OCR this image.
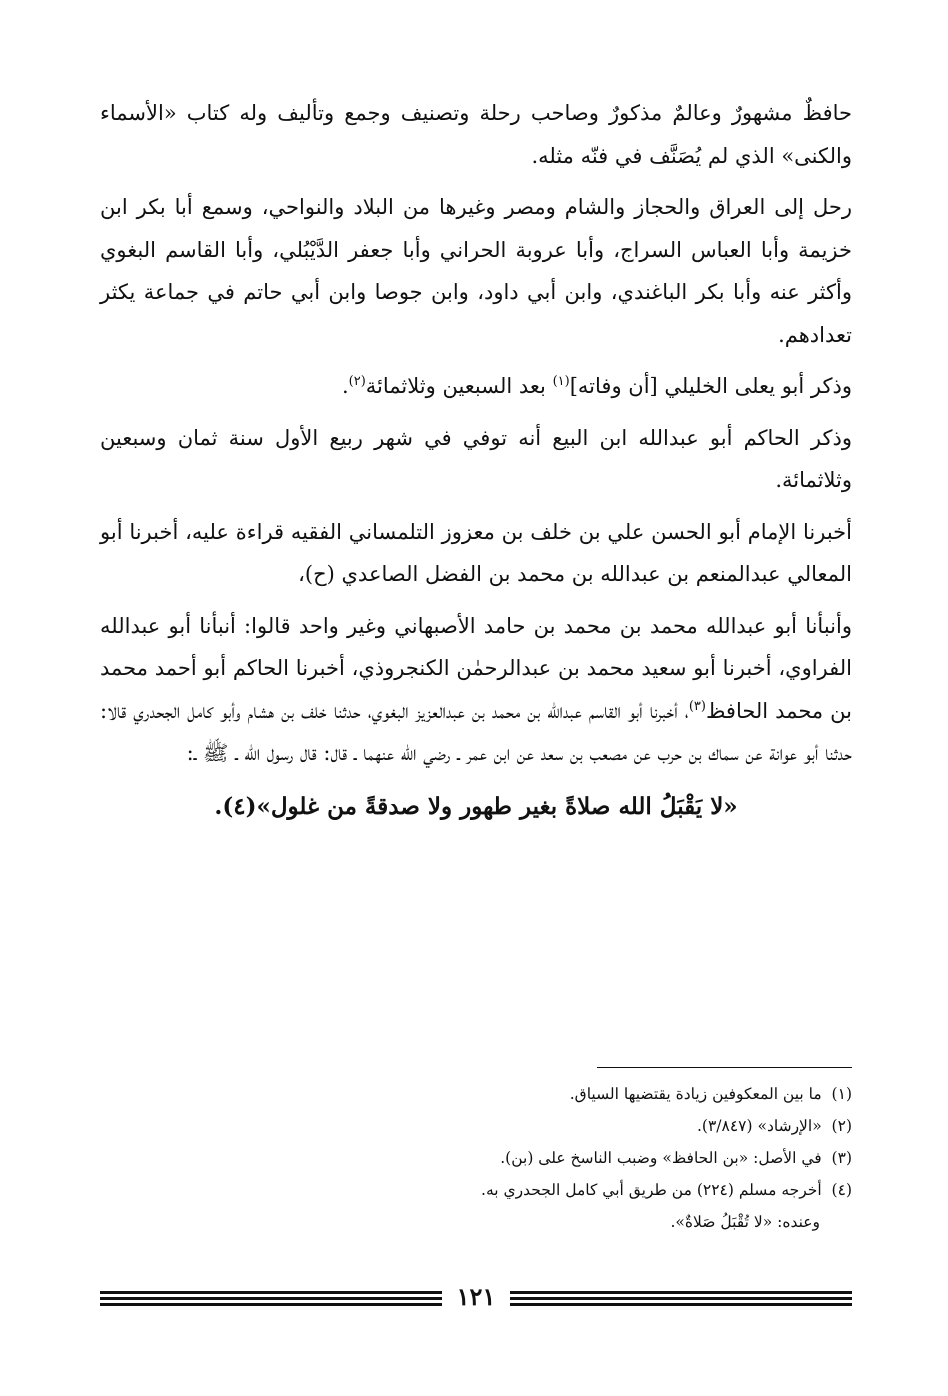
حافظٌ مشهورٌ وعالمٌ مذكورٌ وصاحب رحلة وتصنيف وجمع وتأليف وله كتاب «الأسماء والكنى» الذي لم يُصَنَّف في فنّه مثله.

رحل إلى العراق والحجاز والشام ومصر وغيرها من البلاد والنواحي، وسمع أبا بكر ابن خزيمة وأبا العباس السراج، وأبا عروبة الحراني وأبا جعفر الدَّيْبُلي، وأبا القاسم البغوي وأكثر عنه وأبا بكر الباغندي، وابن أبي داود، وابن جوصا وابن أبي حاتم في جماعة يكثر تعدادهم.

وذكر أبو يعلى الخليلي [أن وفاته]$^{(١)}$ بعد السبعين وثلاثمائة$^{(٢)}$.

وذكر الحاكم أبو عبدالله ابن البيع أنه توفي في شهر ربيع الأول سنة ثمان وسبعين وثلاثمائة.

أخبرنا الإمام أبو الحسن علي بن خلف بن معزوز التلمساني الفقيه قراءة عليه، أخبرنا أبو المعالي عبدالمنعم بن عبدالله بن محمد بن الفضل الصاعدي (ح)،

وأنبأنا أبو عبدالله محمد بن محمد بن حامد الأصبهاني وغير واحد قالوا: أنبأنا أبو عبدالله الفراوي، أخبرنا أبو سعيد محمد بن عبدالرحمٰن الكنجروذي، أخبرنا الحاكم أبو أحمد محمد بن محمد الحافظ$^{(٣)}$، أخبرنا أبو القاسم عبدالله بن محمد بن عبدالعزيز البغوي، حدثنا خلف بن هشام وأبو كامل الجحدري قالا: حدثنا أبو عوانة عن سماك بن حرب عن مصعب بن سعد عن ابن عمر ـ رضي الله عنهما ـ قال: قال رسول الله ـ ﷺ ـ:

«لا يَقْبَلُ الله صلاةً بغير طهور ولا صدقةً من غلول»(٤).

(١)  ما بين المعكوفين زيادة يقتضيها السياق.
(٢)  «الإرشاد» (٣/٨٤٧).
(٣)  في الأصل: «بن الحافظ» وضبب الناسخ على (بن).
(٤)  أخرجه مسلم (٢٢٤) من طريق أبي كامل الجحدري به.
وعنده: «لا تُقْبَلُ صَلاةٌ».
١٢١
